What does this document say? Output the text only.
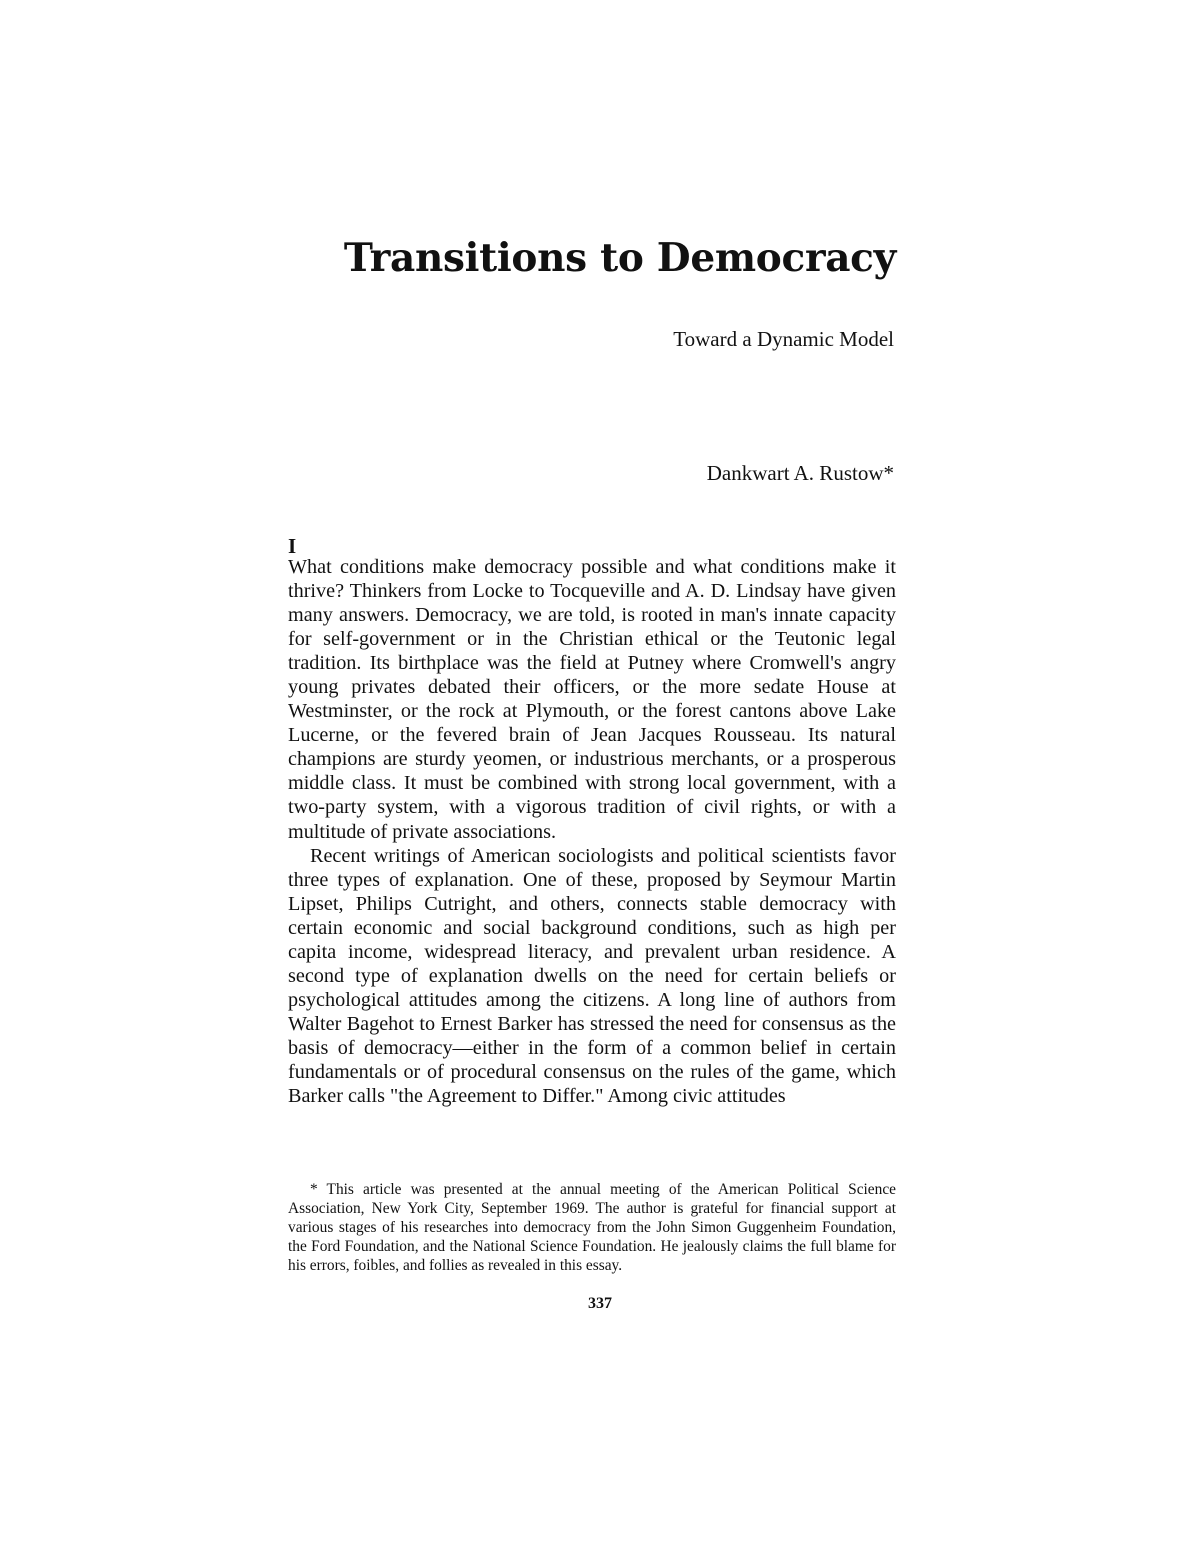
Transitions to Democracy

Toward a Dynamic Model

Dankwart A. Rustow*

I

What conditions make democracy possible and what conditions make it thrive? Thinkers from Locke to Tocqueville and A. D. Lindsay have given many answers. Democracy, we are told, is rooted in man's innate capacity for self-government or in the Christian ethical or the Teutonic legal tradition. Its birthplace was the field at Putney where Cromwell's angry young privates debated their officers, or the more sedate House at Westminster, or the rock at Plymouth, or the forest cantons above Lake Lucerne, or the fevered brain of Jean Jacques Rousseau. Its natural champions are sturdy yeomen, or industrious merchants, or a prosperous middle class. It must be combined with strong local government, with a two-party system, with a vigorous tradition of civil rights, or with a multitude of private associations.

Recent writings of American sociologists and political scientists favor three types of explanation. One of these, proposed by Seymour Martin Lipset, Philips Cutright, and others, connects stable democracy with certain economic and social background conditions, such as high per capita income, widespread literacy, and prevalent urban residence. A second type of explanation dwells on the need for certain beliefs or psychological attitudes among the citizens. A long line of authors from Walter Bagehot to Ernest Barker has stressed the need for consensus as the basis of democracy—either in the form of a common belief in certain fundamentals or of procedural consensus on the rules of the game, which Barker calls "the Agreement to Differ." Among civic attitudes

* This article was presented at the annual meeting of the American Political Science Association, New York City, September 1969. The author is grateful for financial support at various stages of his researches into democracy from the John Simon Guggenheim Foundation, the Ford Foundation, and the National Science Foundation. He jealously claims the full blame for his errors, foibles, and follies as revealed in this essay.

337
